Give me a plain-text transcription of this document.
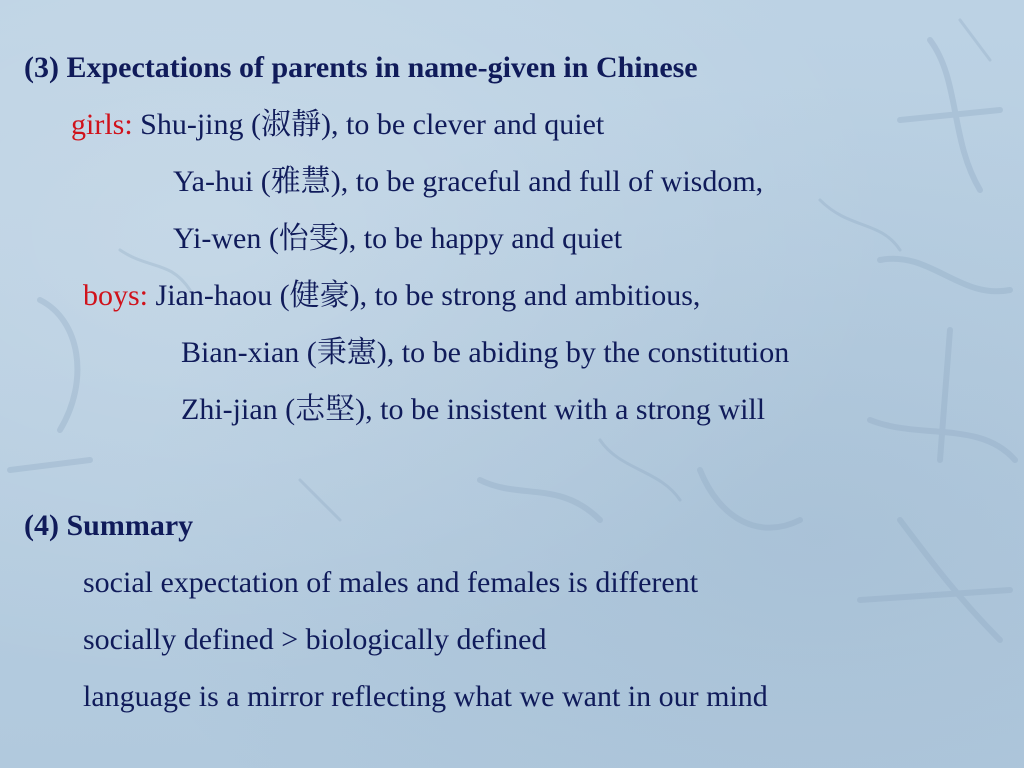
(3) Expectations of parents in name-given in Chinese
girls: Shu-jing (淑靜), to be clever and quiet
Ya-hui (雅慧), to be graceful and full of wisdom,
Yi-wen (怡雯), to be happy and quiet
boys: Jian-haou (健豪), to be strong and ambitious,
Bian-xian (秉憲), to be abiding by the constitution
Zhi-jian (志堅), to be insistent with a strong will
(4) Summary
social expectation of males and females is different
socially defined > biologically defined
language is a mirror reflecting what we want in our mind
